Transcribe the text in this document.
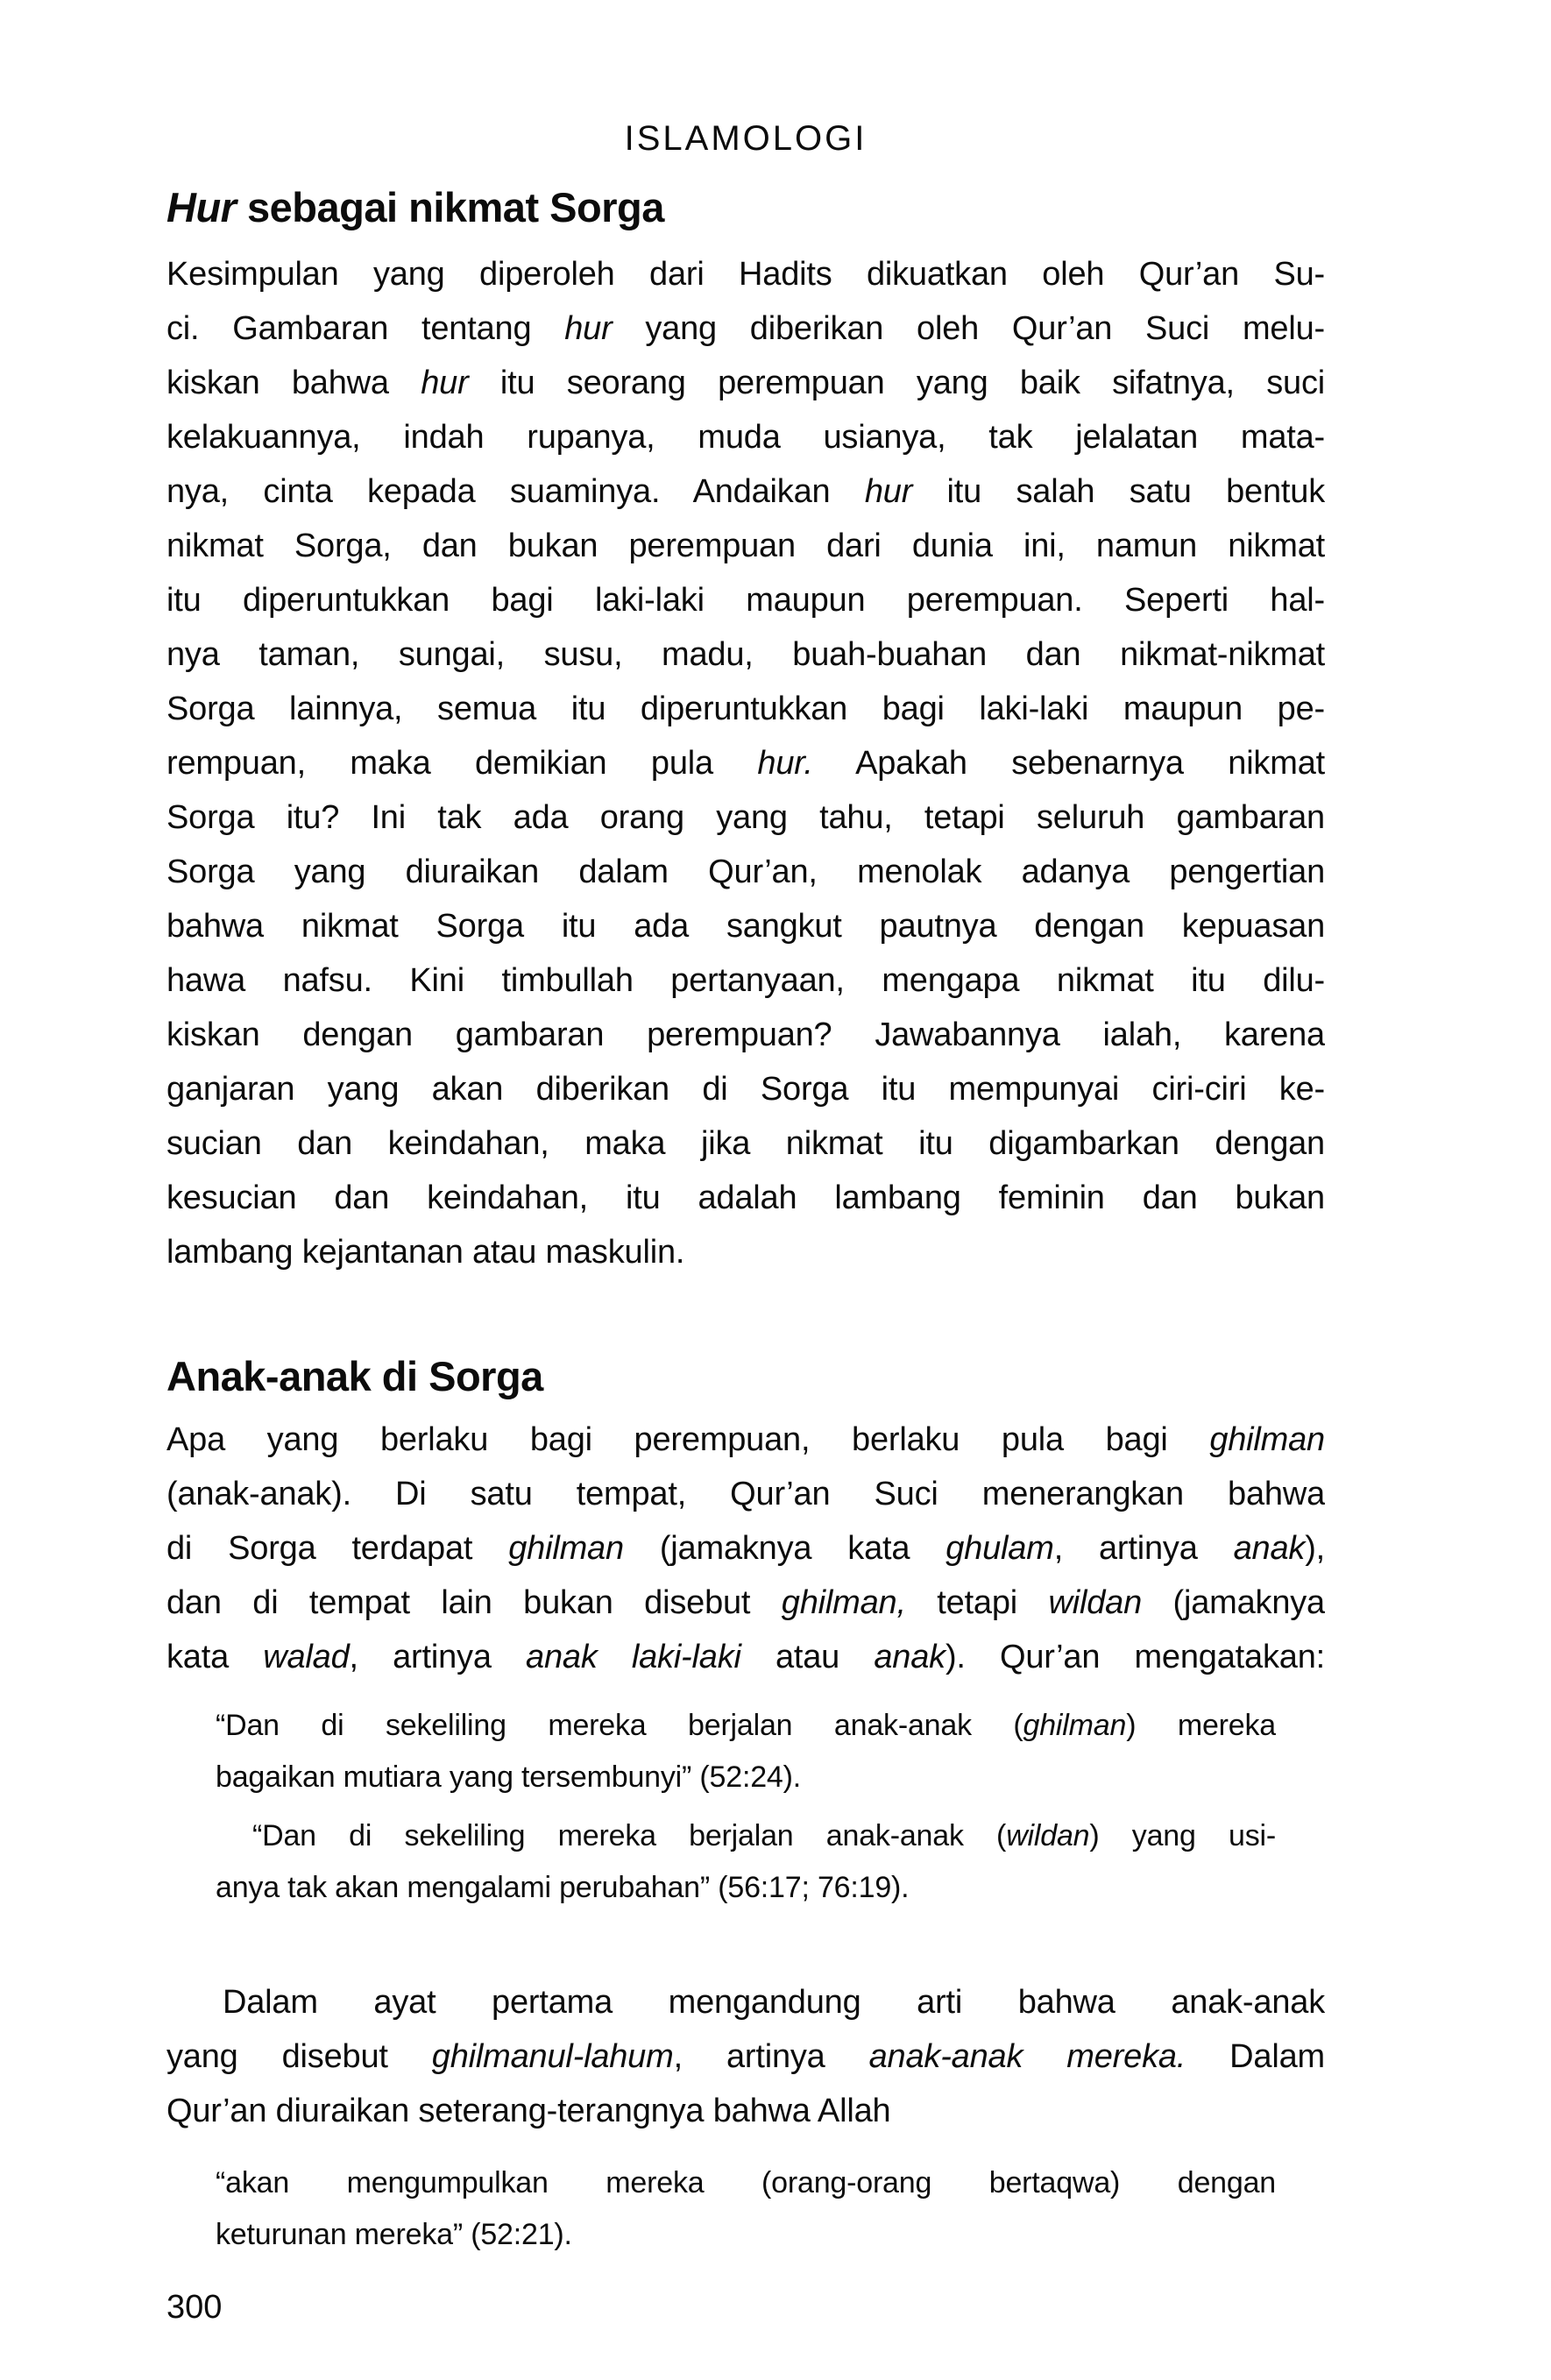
ISLAMOLOGI
Hur sebagai nikmat Sorga
Kesimpulan yang diperoleh dari Hadits dikuatkan oleh Qur’an Su-
ci. Gambaran tentang hur yang diberikan oleh Qur’an Suci melu-
kiskan bahwa hur itu seorang perempuan yang baik sifatnya, suci
kelakuannya, indah rupanya, muda usianya, tak jelalatan mata-
nya, cinta kepada suaminya. Andaikan hur itu salah satu bentuk
nikmat Sorga, dan bukan perempuan dari dunia ini, namun nikmat
itu diperuntukkan bagi laki-laki maupun perempuan. Seperti hal-
nya taman, sungai, susu, madu, buah-buahan dan nikmat-nikmat
Sorga lainnya, semua itu diperuntukkan bagi laki-laki maupun pe-
rempuan, maka demikian pula hur. Apakah sebenarnya nikmat
Sorga itu? Ini tak ada orang yang tahu, tetapi seluruh gambaran
Sorga yang diuraikan dalam Qur’an, menolak adanya pengertian
bahwa nikmat Sorga itu ada sangkut pautnya dengan kepuasan
hawa nafsu. Kini timbullah pertanyaan, mengapa nikmat itu dilu-
kiskan dengan gambaran perempuan? Jawabannya ialah, karena
ganjaran yang akan diberikan di Sorga itu mempunyai ciri-ciri ke-
sucian dan keindahan, maka jika nikmat itu digambarkan dengan
kesucian dan keindahan, itu adalah lambang feminin dan bukan
lambang kejantanan atau maskulin.
Anak-anak di Sorga
Apa yang berlaku bagi perempuan, berlaku pula bagi ghilman
(anak-anak). Di satu tempat, Qur’an Suci menerangkan bahwa
di Sorga terdapat ghilman (jamaknya kata ghulam, artinya anak),
dan di tempat lain bukan disebut ghilman, tetapi wildan (jamaknya
kata walad, artinya anak laki-laki atau anak). Qur’an mengatakan:
“Dan di sekeliling mereka berjalan anak-anak (ghilman) mereka
bagaikan mutiara yang tersembunyi” (52:24).
“Dan di sekeliling mereka berjalan anak-anak (wildan) yang usi-
anya tak akan mengalami perubahan” (56:17; 76:19).
Dalam ayat pertama mengandung arti bahwa anak-anak
yang disebut ghilmanul-lahum, artinya anak-anak mereka. Dalam
Qur’an diuraikan seterang-terangnya bahwa Allah
“akan mengumpulkan mereka (orang-orang bertaqwa) dengan
keturunan mereka” (52:21).
300
